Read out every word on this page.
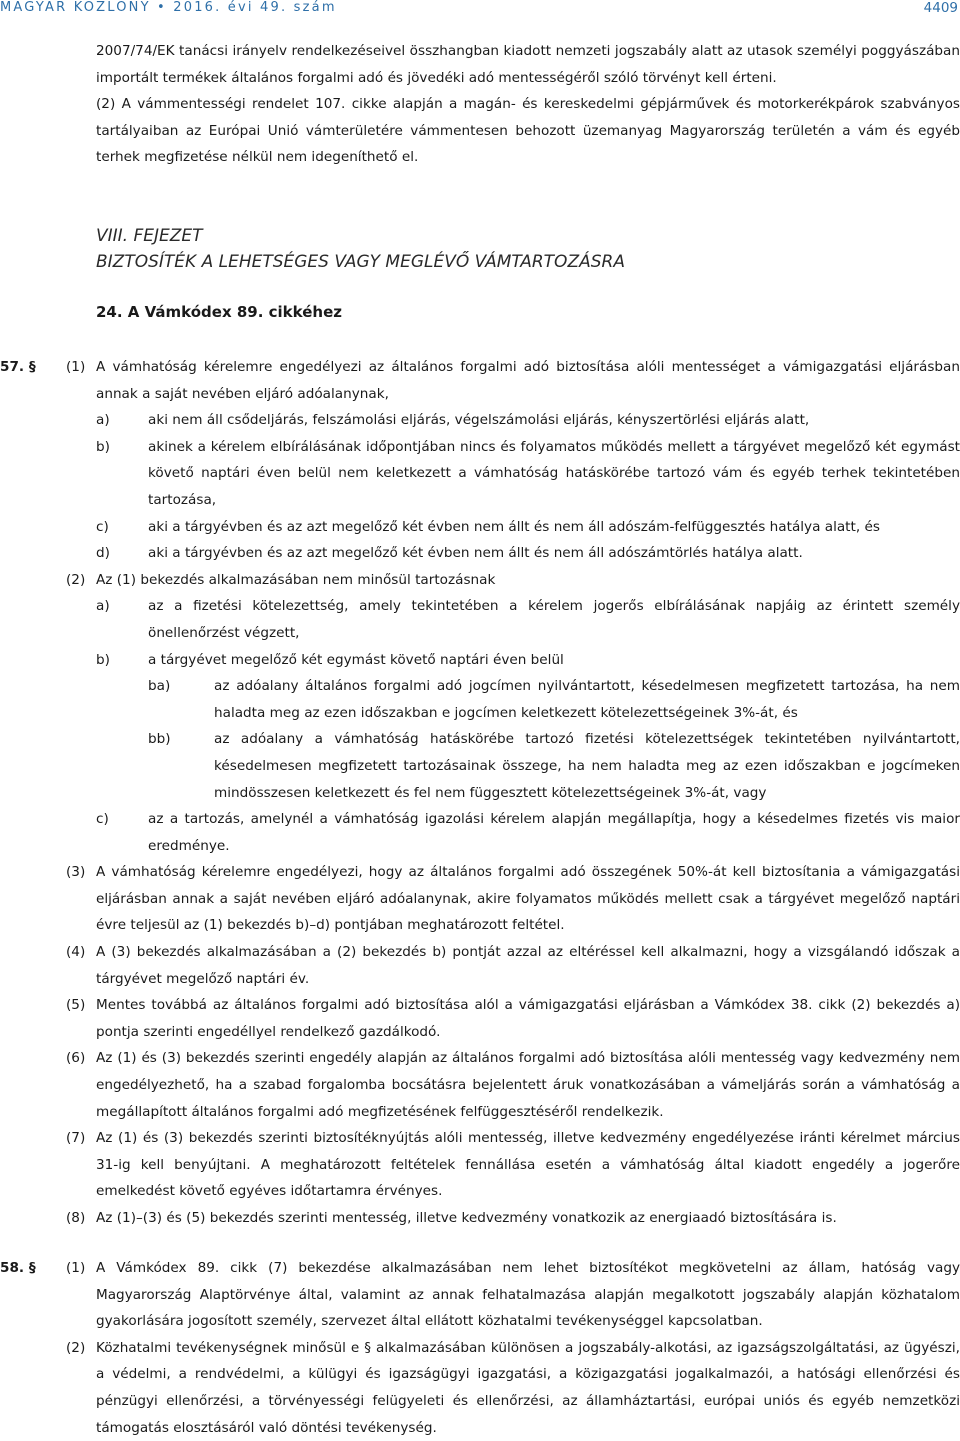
MAGYAR KÖZLÖNY • 2016. évi 49. szám	4409

2007/74/EK tanácsi irányelv rendelkezéseivel összhangban kiadott nemzeti jogszabály alatt az utasok személyi poggyászában importált termékek általános forgalmi adó és jövedéki adó mentességéről szóló törvényt kell érteni.

(2) A vámmentességi rendelet 107. cikke alapján a magán- és kereskedelmi gépjárművek és motorkerékpárok szabványos tartályaiban az Európai Unió vámterületére vámmentesen behozott üzemanyag Magyarország területén a vám és egyéb terhek megfizetése nélkül nem idegeníthető el.

VIII. FEJEZET
BIZTOSÍTÉK A LEHETSÉGES VAGY MEGLÉVŐ VÁMTARTOZÁSRA
24. A Vámkódex 89. cikkéhez
57. § (1) A vámhatóság kérelemre engedélyezi az általános forgalmi adó biztosítása alóli mentességet a vámigazgatási eljárásban annak a saját nevében eljáró adóalanynak,

a)	aki nem áll csődeljárás, felszámolási eljárás, végelszámolási eljárás, kényszertörlési eljárás alatt,
b)	akinek a kérelem elbírálásának időpontjában nincs és folyamatos működés mellett a tárgyévet megelőző két egymást követő naptári éven belül nem keletkezett a vámhatóság hatáskörébe tartozó vám és egyéb terhek tekintetében tartozása,
c)	aki a tárgyévben és az azt megelőző két évben nem állt és nem áll adószám-felfüggesztés hatálya alatt, és
d)	aki a tárgyévben és az azt megelőző két évben nem állt és nem áll adószámtörlés hatálya alatt.
(2) Az (1) bekezdés alkalmazásában nem minősül tartozásnak

a)	az a fizetési kötelezettség, amely tekintetében a kérelem jogerős elbírálásának napjáig az érintett személy önellenőrzést végzett,
b)	a tárgyévet megelőző két egymást követő naptári éven belül
ba)	az adóalany általános forgalmi adó jogcímen nyilvántartott, késedelmesen megfizetett tartozása, ha nem haladta meg az ezen időszakban e jogcímen keletkezett kötelezettségeinek 3%-át, és
bb)	az adóalany a vámhatóság hatáskörébe tartozó fizetési kötelezettségek tekintetében nyilvántartott, késedelmesen megfizetett tartozásainak összege, ha nem haladta meg az ezen időszakban e jogcímeken mindösszesen keletkezett és fel nem függesztett kötelezettségeinek 3%-át, vagy
c)	az a tartozás, amelynél a vámhatóság igazolási kérelem alapján megállapítja, hogy a késedelmes fizetés vis maior eredménye.
(3) A vámhatóság kérelemre engedélyezi, hogy az általános forgalmi adó összegének 50%-át kell biztosítania a vámigazgatási eljárásban annak a saját nevében eljáró adóalanynak, akire folyamatos működés mellett csak a tárgyévet megelőző naptári évre teljesül az (1) bekezdés b)–d) pontjában meghatározott feltétel.

(4) A (3) bekezdés alkalmazásában a (2) bekezdés b) pontját azzal az eltéréssel kell alkalmazni, hogy a vizsgálandó időszak a tárgyévet megelőző naptári év.

(5) Mentes továbbá az általános forgalmi adó biztosítása alól a vámigazgatási eljárásban a Vámkódex 38. cikk (2) bekezdés a) pontja szerinti engedéllyel rendelkező gazdálkodó.

(6) Az (1) és (3) bekezdés szerinti engedély alapján az általános forgalmi adó biztosítása alóli mentesség vagy kedvezmény nem engedélyezhető, ha a szabad forgalomba bocsátásra bejelentett áruk vonatkozásában a vámeljárás során a vámhatóság a megállapított általános forgalmi adó megfizetésének felfüggesztéséről rendelkezik.

(7) Az (1) és (3) bekezdés szerinti biztosítéknyújtás alóli mentesség, illetve kedvezmény engedélyezése iránti kérelmet március 31-ig kell benyújtani. A meghatározott feltételek fennállása esetén a vámhatóság által kiadott engedély a jogerőre emelkedést követő egyéves időtartamra érvényes.

(8) Az (1)–(3) és (5) bekezdés szerinti mentesség, illetve kedvezmény vonatkozik az energiaadó biztosítására is.

58. § (1) A Vámkódex 89. cikk (7) bekezdése alkalmazásában nem lehet biztosítékot megkövetelni az állam, hatóság vagy Magyarország Alaptörvénye által, valamint az annak felhatalmazása alapján megalkotott jogszabály alapján közhatalom gyakorlására jogosított személy, szervezet által ellátott közhatalmi tevékenységgel kapcsolatban.

(2) Közhatalmi tevékenységnek minősül e § alkalmazásában különösen a jogszabály-alkotási, az igazságszolgáltatási, az ügyészi, a védelmi, a rendvédelmi, a külügyi és igazságügyi igazgatási, a közigazgatási jogalkalmazói, a hatósági ellenőrzési és pénzügyi ellenőrzési, a törvényességi felügyeleti és ellenőrzési, az államháztartási, európai uniós és egyéb nemzetközi támogatás elosztásáról való döntési tevékenység.
